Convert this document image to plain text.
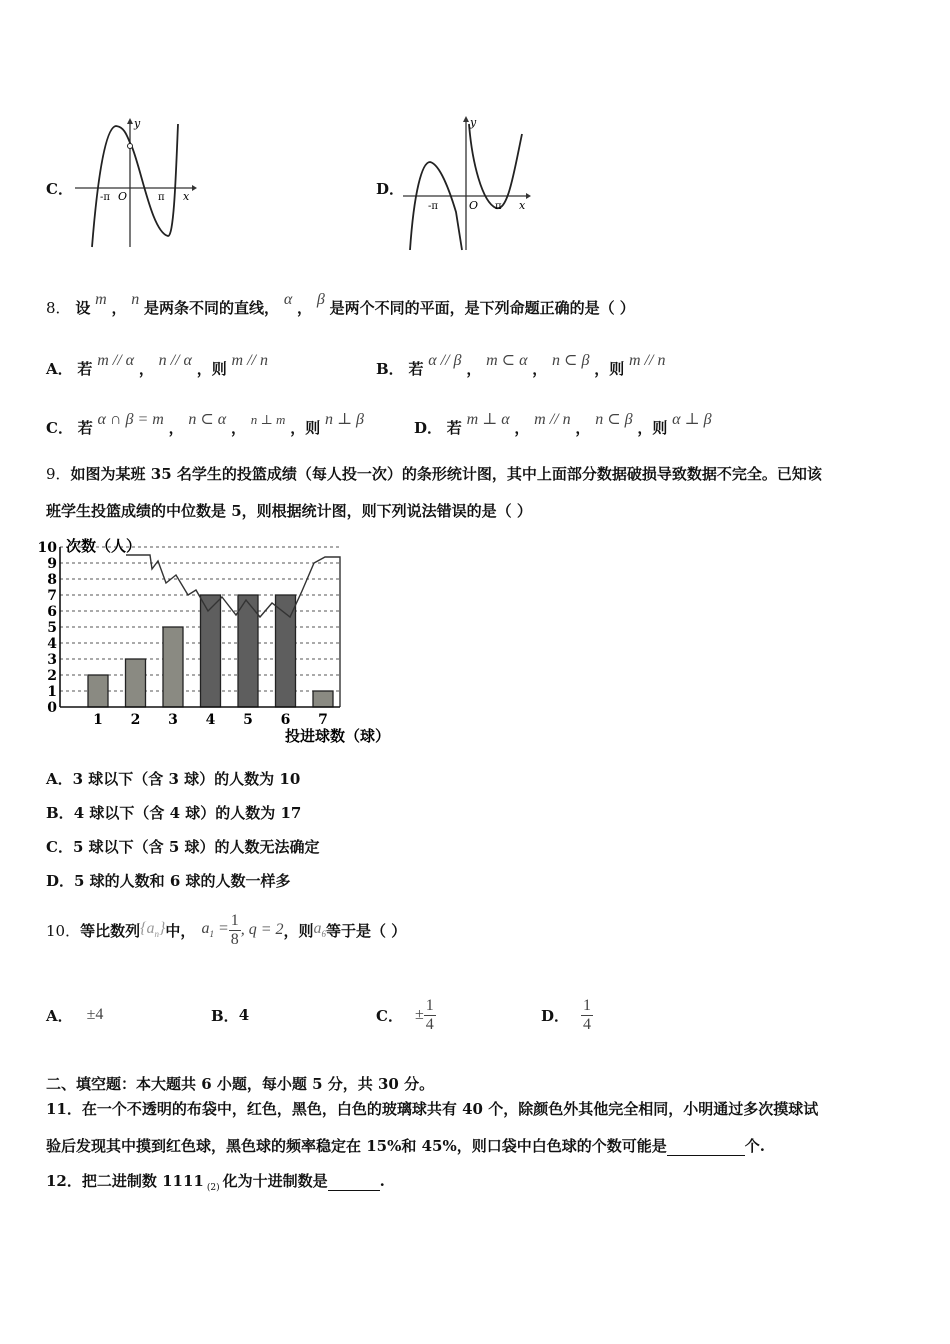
C．
y
x
O
-π	π	D．
y
x
O
-π	π
8． 设 m ， n 是两条不同的直线， α ， β 是两个不同的平面，是下列命题正确的是（ ）
A． 若 m // α ， n // α ，则 m // n	B． 若 α // β ， m ⊂ α ， n ⊂ β ，则 m // n
C． 若 α ∩ β = m ， n ⊂ α ， n ⊥ m ，则 n ⊥ β	D． 若 m ⊥ α ， m // n ， n ⊂ β ，则 α ⊥ β
9．如图为某班 35 名学生的投篮成绩（每人投一次）的条形统计图，其中上面部分数据破损导致数据不完全。已知该
班学生投篮成绩的中位数是 5，则根据统计图，则下列说法错误的是（ ）
0
1
2
3
4
5
6
7
8
9
10
1 2 3 4 5 6 7
次数（人）
投进球数（球）
A．3 球以下（含 3 球）的人数为 10
B．4 球以下（含 4 球）的人数为 17
C．5 球以下（含 5 球）的人数无法确定
D．5 球的人数和 6 球的人数一样多
10． 等比数列 $\{a_n\}$ 中， $a_1 = \frac{1}{8}$ , q = 2 ，则 $a_6$ 等于是（ ）
A． ±4	B． 4	C． ± $\frac{1}{4}$	D． $\frac{1}{4}$
二、填空题：本大题共 6 小题，每小题 5 分，共 30 分。
11．在一个不透明的布袋中，红色，黑色，白色的玻璃球共有 40 个，除颜色外其他完全相同，小明通过多次摸球试
验后发现其中摸到红色球，黑色球的频率稳定在 15%和 45%，则口袋中白色球的个数可能是	个.
12．把二进制数 1111 $_{(2)}$ 化为十进制数是	.
